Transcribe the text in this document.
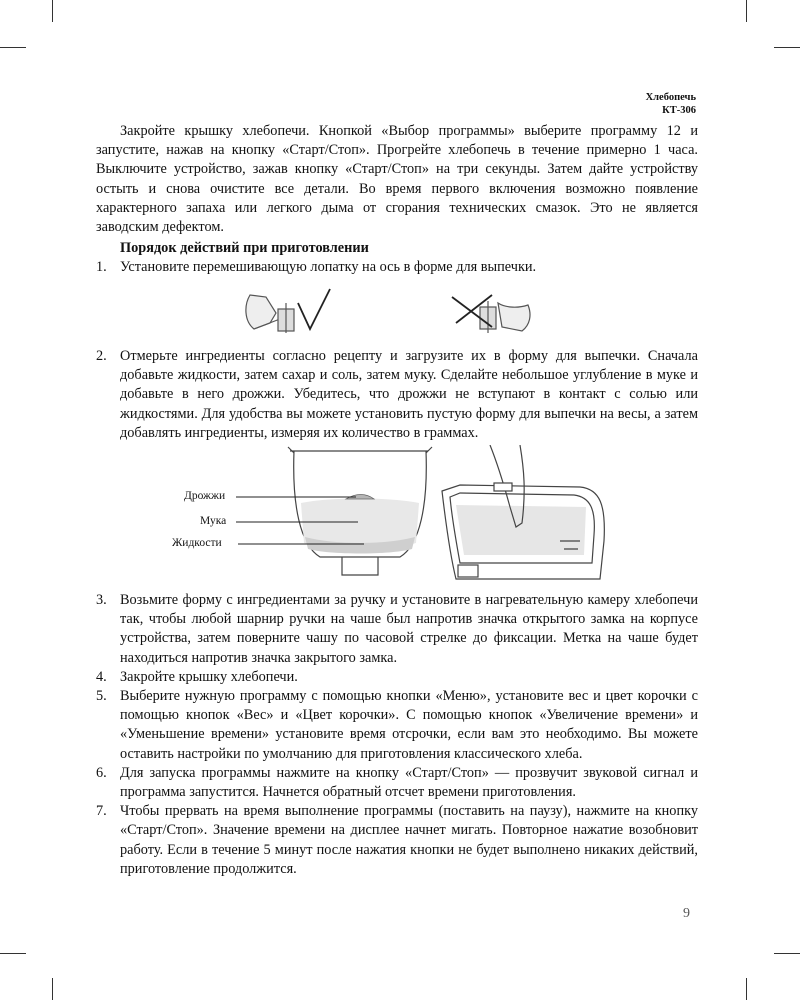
Хлебопечь
КТ-306
Закройте крышку хлебопечи. Кнопкой «Выбор программы» выберите программу 12 и запустите, нажав на кнопку «Старт/Стоп». Прогрейте хлебопечь в течение примерно 1 часа. Выключите устройство, зажав кнопку «Старт/Стоп» на три секунды. Затем дайте устройству остыть и снова очистите все детали. Во время первого включения возможно появление характерного запаха или легкого дыма от сгорания технических смазок. Это не является заводским дефектом.
Порядок действий при приготовлении
1. Установите перемешивающую лопатку на ось в форме для выпечки.
2. Отмерьте ингредиенты согласно рецепту и загрузите их в форму для выпечки. Сначала добавьте жидкости, затем сахар и соль, затем муку. Сделайте небольшое углубление в муке и добавьте в него дрожжи. Убедитесь, что дрожжи не вступают в контакт с солью или жидкостями. Для удобства вы можете установить пустую форму для выпечки на весы, а затем добавлять ингредиенты, измеряя их количество в граммах.
Дрожжи
Мука
Жидкости
3. Возьмите форму с ингредиентами за ручку и установите в нагревательную камеру хлебопечи так, чтобы любой шарнир ручки на чаше был напротив значка открытого замка на корпусе устройства, затем поверните чашу по часовой стрелке до фиксации. Метка на чаше будет находиться напротив значка закрытого замка.
4. Закройте крышку хлебопечи.
5. Выберите нужную программу с помощью кнопки «Меню», установите вес и цвет корочки с помощью кнопок «Вес» и «Цвет корочки». С помощью кнопок «Увеличение времени» и «Уменьшение времени» установите время отсрочки, если вам это необходимо. Вы можете оставить настройки по умолчанию для приготовления классического хлеба.
6. Для запуска программы нажмите на кнопку «Старт/Стоп» — прозвучит звуковой сигнал и программа запустится. Начнется обратный отсчет времени приготовления.
7. Чтобы прервать на время выполнение программы (поставить на паузу), нажмите на кнопку «Старт/Стоп». Значение времени на дисплее начнет мигать. Повторное нажатие возобновит работу. Если в течение 5 минут после нажатия кнопки не будет выполнено никаких действий, приготовление продолжится.
9
